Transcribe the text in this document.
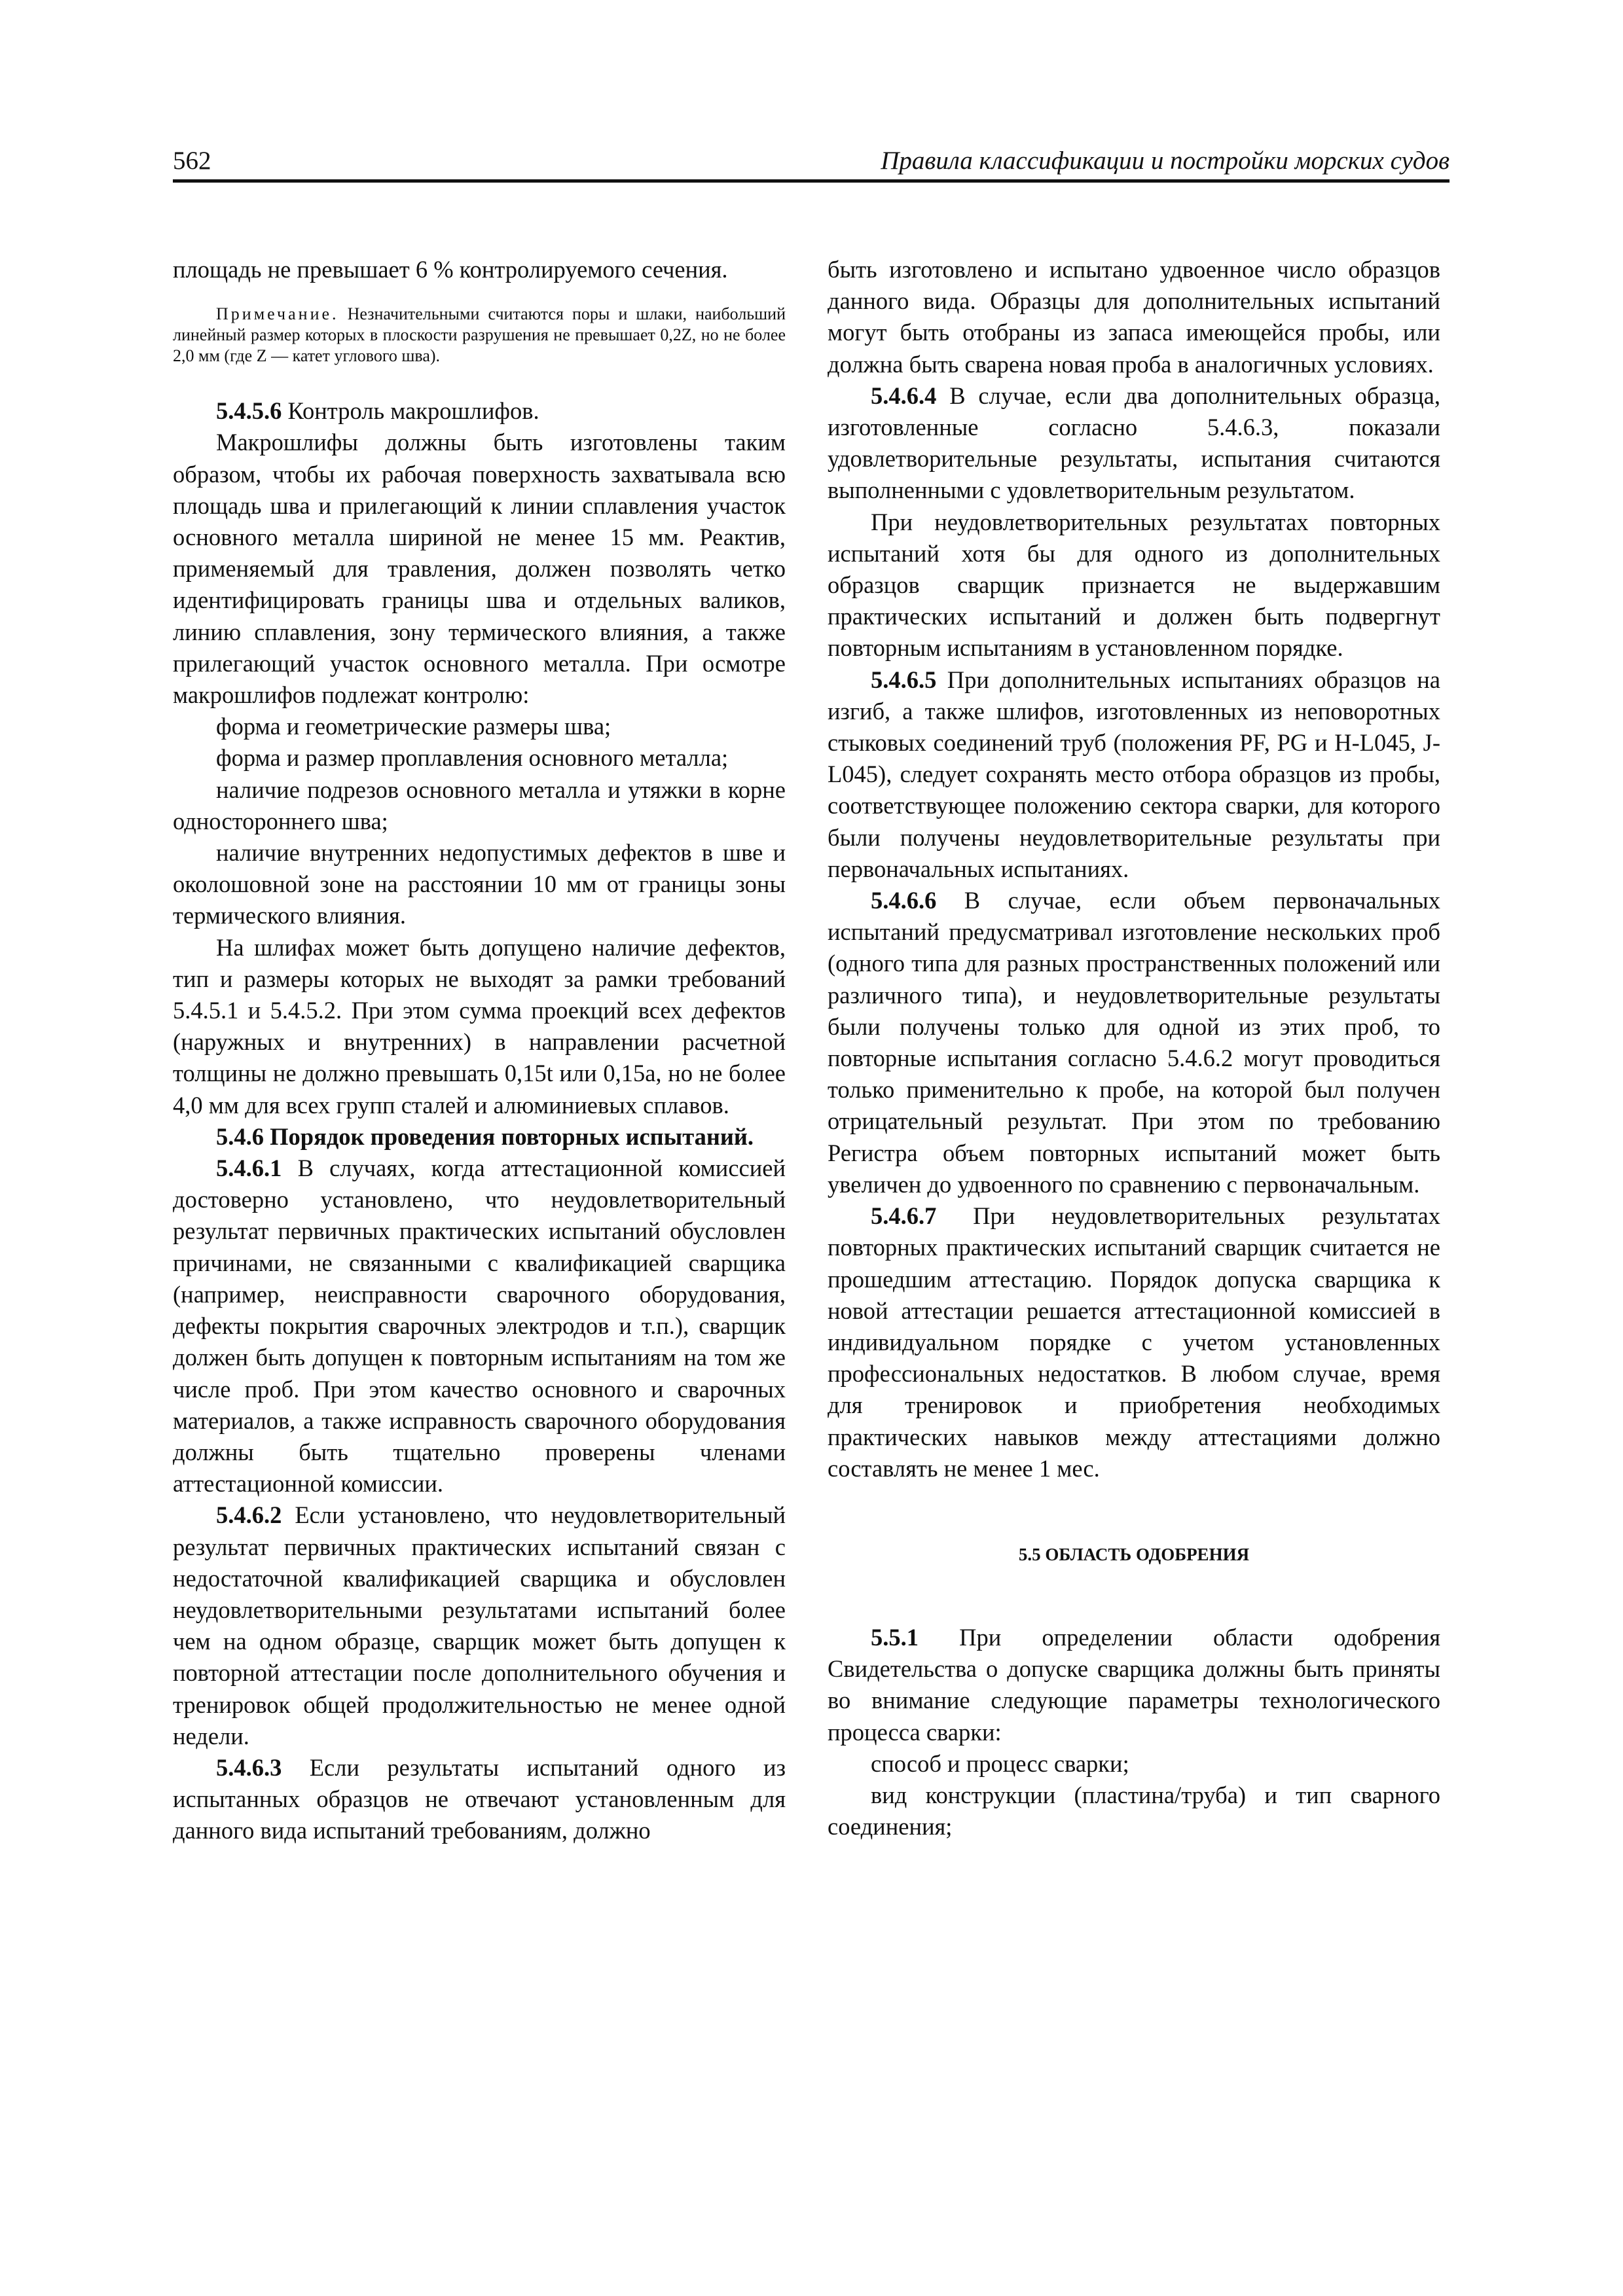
562	Правила классификации и постройки морских судов

площадь не превышает 6 % контролируемого сечения.

Примечание. Незначительными считаются поры и шлаки, наибольший линейный размер которых в плоскости разрушения не превышает 0,2Z, но не более 2,0 мм (где Z — катет углового шва).

5.4.5.6 Контроль макрошлифов.

Макрошлифы должны быть изготовлены таким образом, чтобы их рабочая поверхность захватывала всю площадь шва и прилегающий к линии сплавления участок основного металла шириной не менее 15 мм. Реактив, применяемый для травления, должен позволять четко идентифицировать границы шва и отдельных валиков, линию сплавления, зону термического влияния, а также прилегающий участок основного металла. При осмотре макрошлифов подлежат контролю:

форма и геометрические размеры шва;

форма и размер проплавления основного металла;

наличие подрезов основного металла и утяжки в корне одностороннего шва;

наличие внутренних недопустимых дефектов в шве и околошовной зоне на расстоянии 10 мм от границы зоны термического влияния.

На шлифах может быть допущено наличие дефектов, тип и размеры которых не выходят за рамки требований 5.4.5.1 и 5.4.5.2. При этом сумма проекций всех дефектов (наружных и внутренних) в направлении расчетной толщины не должно превышать 0,15t или 0,15a, но не более 4,0 мм для всех групп сталей и алюминиевых сплавов.

5.4.6 Порядок проведения повторных испытаний.

5.4.6.1 В случаях, когда аттестационной комиссией достоверно установлено, что неудовлетворительный результат первичных практических испытаний обусловлен причинами, не связанными с квалификацией сварщика (например, неисправности сварочного оборудования, дефекты покрытия сварочных электродов и т.п.), сварщик должен быть допущен к повторным испытаниям на том же числе проб. При этом качество основного и сварочных материалов, а также исправность сварочного оборудования должны быть тщательно проверены членами аттестационной комиссии.

5.4.6.2 Если установлено, что неудовлетворительный результат первичных практических испытаний связан с недостаточной квалификацией сварщика и обусловлен неудовлетворительными результатами испытаний более чем на одном образце, сварщик может быть допущен к повторной аттестации после дополнительного обучения и тренировок общей продолжительностью не менее одной недели.

5.4.6.3 Если результаты испытаний одного из испытанных образцов не отвечают установленным для данного вида испытаний требованиям, должно

быть изготовлено и испытано удвоенное число образцов данного вида. Образцы для дополнительных испытаний могут быть отобраны из запаса имеющейся пробы, или должна быть сварена новая проба в аналогичных условиях.

5.4.6.4 В случае, если два дополнительных образца, изготовленные согласно 5.4.6.3, показали удовлетворительные результаты, испытания считаются выполненными с удовлетворительным результатом.

При неудовлетворительных результатах повторных испытаний хотя бы для одного из дополнительных образцов сварщик признается не выдержавшим практических испытаний и должен быть подвергнут повторным испытаниям в установленном порядке.

5.4.6.5 При дополнительных испытаниях образцов на изгиб, а также шлифов, изготовленных из неповоротных стыковых соединений труб (положения PF, PG и H-L045, J-L045), следует сохранять место отбора образцов из пробы, соответствующее положению сектора сварки, для которого были получены неудовлетворительные результаты при первоначальных испытаниях.

5.4.6.6 В случае, если объем первоначальных испытаний предусматривал изготовление нескольких проб (одного типа для разных пространственных положений или различного типа), и неудовлетворительные результаты были получены только для одной из этих проб, то повторные испытания согласно 5.4.6.2 могут проводиться только применительно к пробе, на которой был получен отрицательный результат. При этом по требованию Регистра объем повторных испытаний может быть увеличен до удвоенного по сравнению с первоначальным.

5.4.6.7 При неудовлетворительных результатах повторных практических испытаний сварщик считается не прошедшим аттестацию. Порядок допуска сварщика к новой аттестации решается аттестационной комиссией в индивидуальном порядке с учетом установленных профессиональных недостатков. В любом случае, время для тренировок и приобретения необходимых практических навыков между аттестациями должно составлять не менее 1 мес.

5.5 ОБЛАСТЬ ОДОБРЕНИЯ

5.5.1 При определении области одобрения Свидетельства о допуске сварщика должны быть приняты во внимание следующие параметры технологического процесса сварки:

способ и процесс сварки;

вид конструкции (пластина/труба) и тип сварного соединения;
